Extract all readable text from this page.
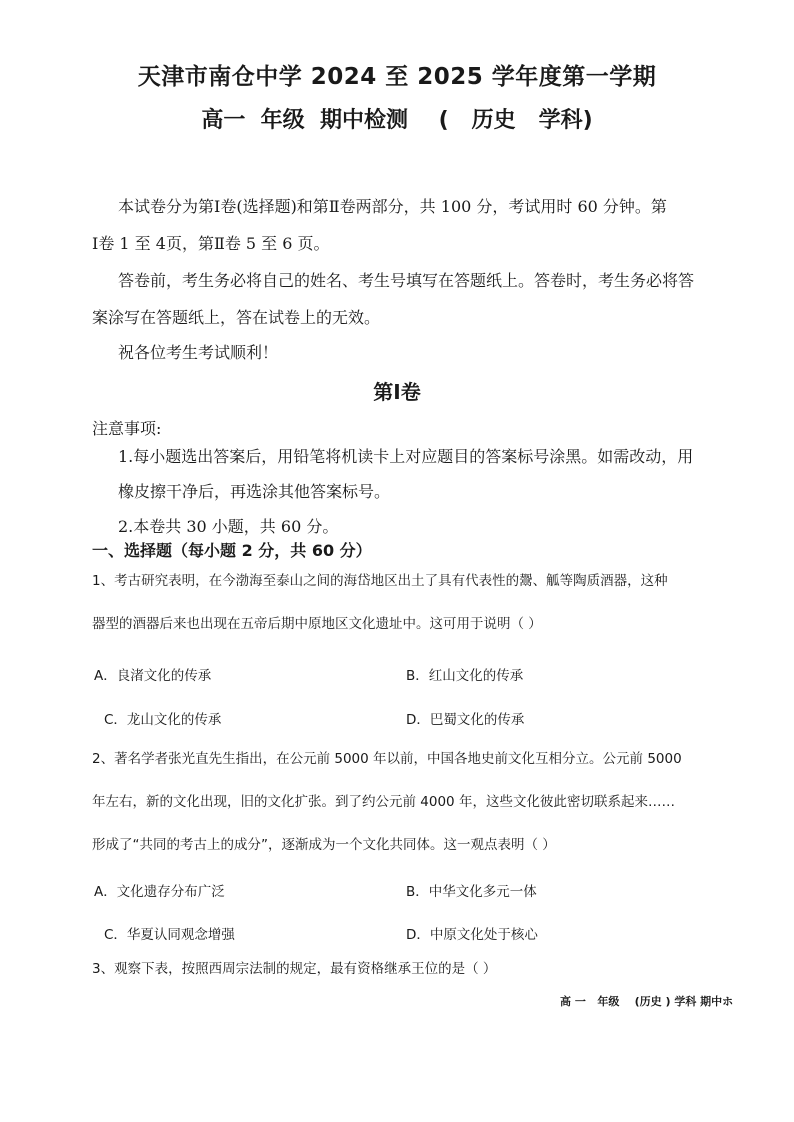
天津市南仓中学 2024 至 2025 学年度第一学期
高一  年级  期中检测    (   历史   学科)
本试卷分为第Ⅰ卷(选择题)和第Ⅱ卷两部分，共 100 分，考试用时 60 分钟。第
Ⅰ卷 1 至 4页，第Ⅱ卷 5 至 6 页。
答卷前，考生务必将自己的姓名、考生号填写在答题纸上。答卷时，考生务必将答
案涂写在答题纸上，答在试卷上的无效。
祝各位考生考试顺利！
第Ⅰ卷
注意事项:
1.每小题选出答案后，用铅笔将机读卡上对应题目的答案标号涂黑。如需改动，用
橡皮擦干净后，再选涂其他答案标号。
2.本卷共 30 小题，共 60 分。
一、选择题（每小题 2 分，共 60 分）
1、考古研究表明，在今渤海至泰山之间的海岱地区出土了具有代表性的鬶、觚等陶质酒器，这种
器型的酒器后来也出现在五帝后期中原地区文化遗址中。这可用于说明（ ）
A．良渚文化的传承	B．红山文化的传承
C．龙山文化的传承	D．巴蜀文化的传承
2、著名学者张光直先生指出，在公元前 5000 年以前，中国各地史前文化互相分立。公元前 5000
年左右，新的文化出现，旧的文化扩张。到了约公元前 4000 年，这些文化彼此密切联系起来……
形成了“共同的考古上的成分”，逐渐成为一个文化共同体。这一观点表明（ ）
A．文化遗存分布广泛	B．中华文化多元一体
C．华夏认同观念增强	D．中原文化处于核心
3、观察下表，按照西周宗法制的规定，最有资格继承王位的是（ ）
高 一   年级    (历史 ) 学科 期中ホ
